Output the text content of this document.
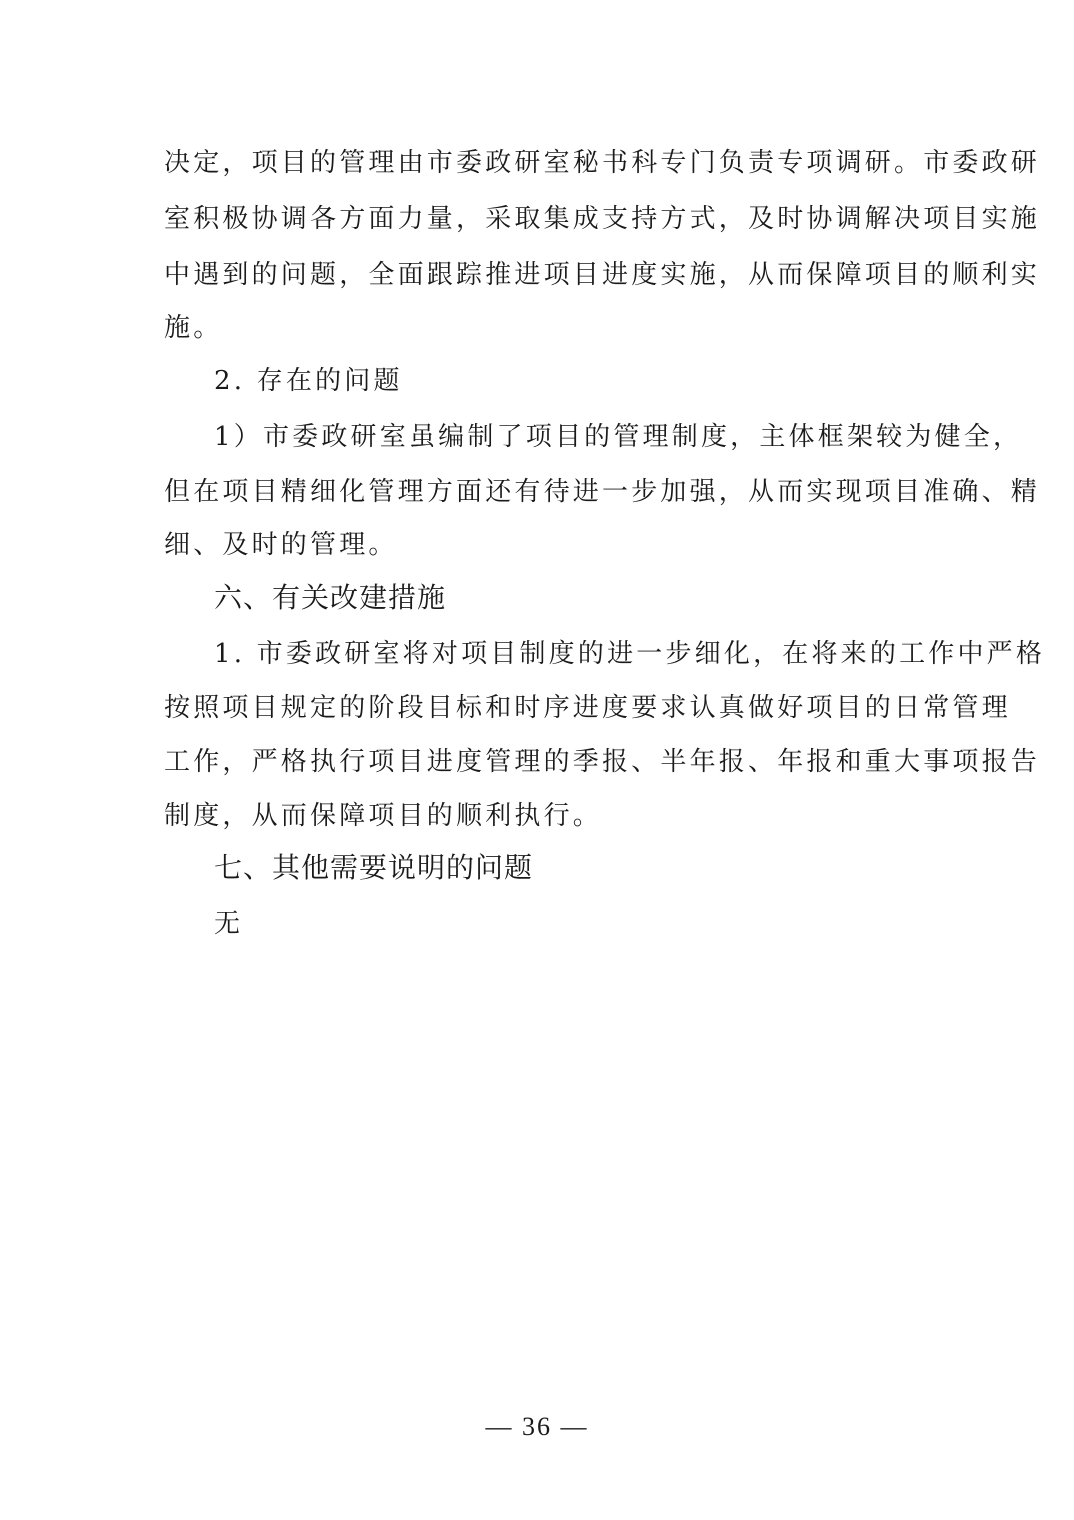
决定，项目的管理由市委政研室秘书科专门负责专项调研。市委政研
室积极协调各方面力量，采取集成支持方式，及时协调解决项目实施
中遇到的问题，全面跟踪推进项目进度实施，从而保障项目的顺利实
施。
2. 存在的问题
1）市委政研室虽编制了项目的管理制度，主体框架较为健全，
但在项目精细化管理方面还有待进一步加强，从而实现项目准确、精
细、及时的管理。
六、有关改建措施
1. 市委政研室将对项目制度的进一步细化，在将来的工作中严格
按照项目规定的阶段目标和时序进度要求认真做好项目的日常管理
工作，严格执行项目进度管理的季报、半年报、年报和重大事项报告
制度，从而保障项目的顺利执行。
七、其他需要说明的问题
无
— 36 —
